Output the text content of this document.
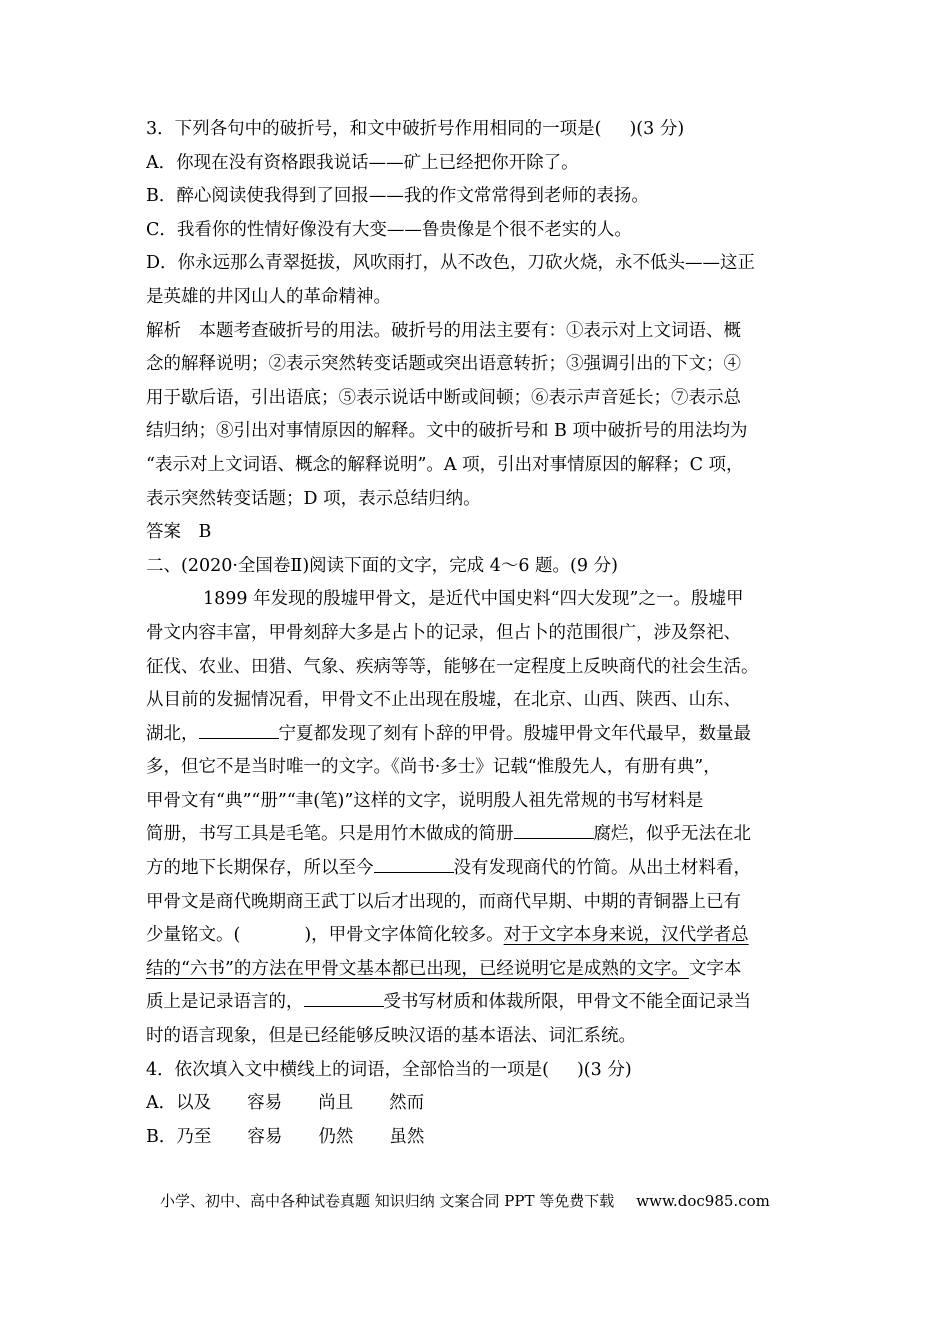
3．下列各句中的破折号，和文中破折号作用相同的一项是( )(3 分)
A．你现在没有资格跟我说话——矿上已经把你开除了。
B．醉心阅读使我得到了回报——我的作文常常得到老师的表扬。
C．我看你的性情好像没有大变——鲁贵像是个很不老实的人。
D．你永远那么青翠挺拔，风吹雨打，从不改色，刀砍火烧，永不低头——这正
是英雄的井冈山人的革命精神。
解析　本题考查破折号的用法。破折号的用法主要有：①表示对上文词语、概
念的解释说明；②表示突然转变话题或突出语意转折；③强调引出的下文；④
用于歇后语，引出语底；⑤表示说话中断或间顿；⑥表示声音延长；⑦表示总
结归纳；⑧引出对事情原因的解释。文中的破折号和 B 项中破折号的用法均为
“表示对上文词语、概念的解释说明”。A 项，引出对事情原因的解释；C 项，
表示突然转变话题；D 项，表示总结归纳。
答案　B
二、(2020·全国卷Ⅱ)阅读下面的文字，完成 4～6 题。(9 分)
1899 年发现的殷墟甲骨文，是近代中国史料“四大发现”之一。殷墟甲
骨文内容丰富，甲骨刻辞大多是占卜的记录，但占卜的范围很广，涉及祭祀、
征伐、农业、田猎、气象、疾病等等，能够在一定程度上反映商代的社会生活。
从目前的发掘情况看，甲骨文不止出现在殷墟，在北京、山西、陕西、山东、
湖北，	宁夏都发现了刻有卜辞的甲骨。殷墟甲骨文年代最早，数量最
多，但它不是当时唯一的文字。《尚书·多士》记载“惟殷先人，有册有典”，
甲骨文有“典”“册”“聿(笔)”这样的文字，说明殷人祖先常规的书写材料是
简册，书写工具是毛笔。只是用竹木做成的简册	腐烂，似乎无法在北
方的地下长期保存，所以至今	没有发现商代的竹简。从出土材料看，
甲骨文是商代晚期商王武丁以后才出现的，而商代早期、中期的青铜器上已有
少量铭文。(	)，甲骨文字体简化较多。对于文字本身来说，汉代学者总
结的“六书”的方法在甲骨文基本都已出现，已经说明它是成熟的文字。文字本
质上是记录语言的，	受书写材质和体裁所限，甲骨文不能全面记录当
时的语言现象，但是已经能够反映汉语的基本语法、词汇系统。
4．依次填入文中横线上的词语，全部恰当的一项是( )(3 分)
A．以及 容易 尚且 然而
B．乃至 容易 仍然 虽然
小学、初中、高中各种试卷真题 知识归纳 文案合同 PPT 等免费下载 www.doc985.com
